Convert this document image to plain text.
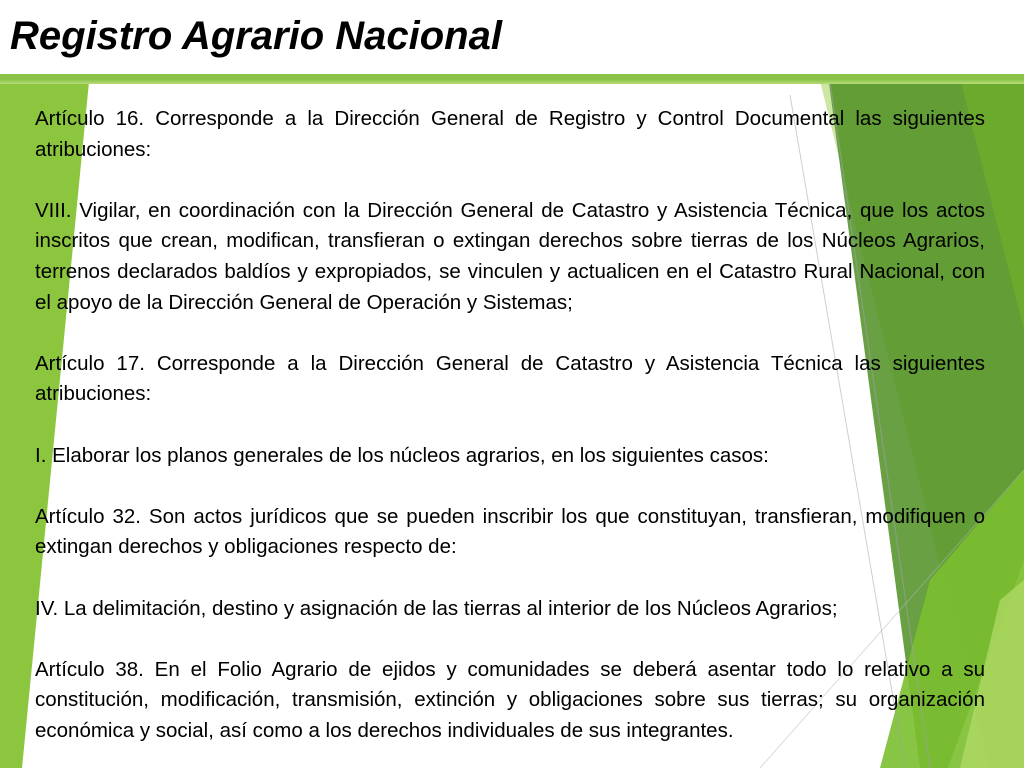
Registro Agrario Nacional

Artículo 16. Corresponde a la Dirección General de Registro y Control Documental las siguientes atribuciones:

VIII. Vigilar, en coordinación con la Dirección General de Catastro y Asistencia Técnica, que los actos inscritos que crean, modifican, transfieran o extingan derechos sobre tierras de los Núcleos Agrarios, terrenos declarados baldíos y expropiados, se vinculen y actualicen en el Catastro Rural Nacional, con el apoyo de la Dirección General de Operación y Sistemas;

Artículo 17. Corresponde a la Dirección General de Catastro y Asistencia Técnica las siguientes atribuciones:

I. Elaborar los planos generales de los núcleos agrarios, en los siguientes casos:

Artículo 32. Son actos jurídicos que se pueden inscribir los que constituyan, transfieran, modifiquen o extingan derechos y obligaciones respecto de:

IV. La delimitación, destino y asignación de las tierras al interior de los Núcleos Agrarios;

Artículo 38. En el Folio Agrario de ejidos y comunidades se deberá asentar todo lo relativo a su constitución, modificación, transmisión, extinción y obligaciones sobre sus tierras; su organización económica y social, así como a los derechos individuales de sus integrantes.
